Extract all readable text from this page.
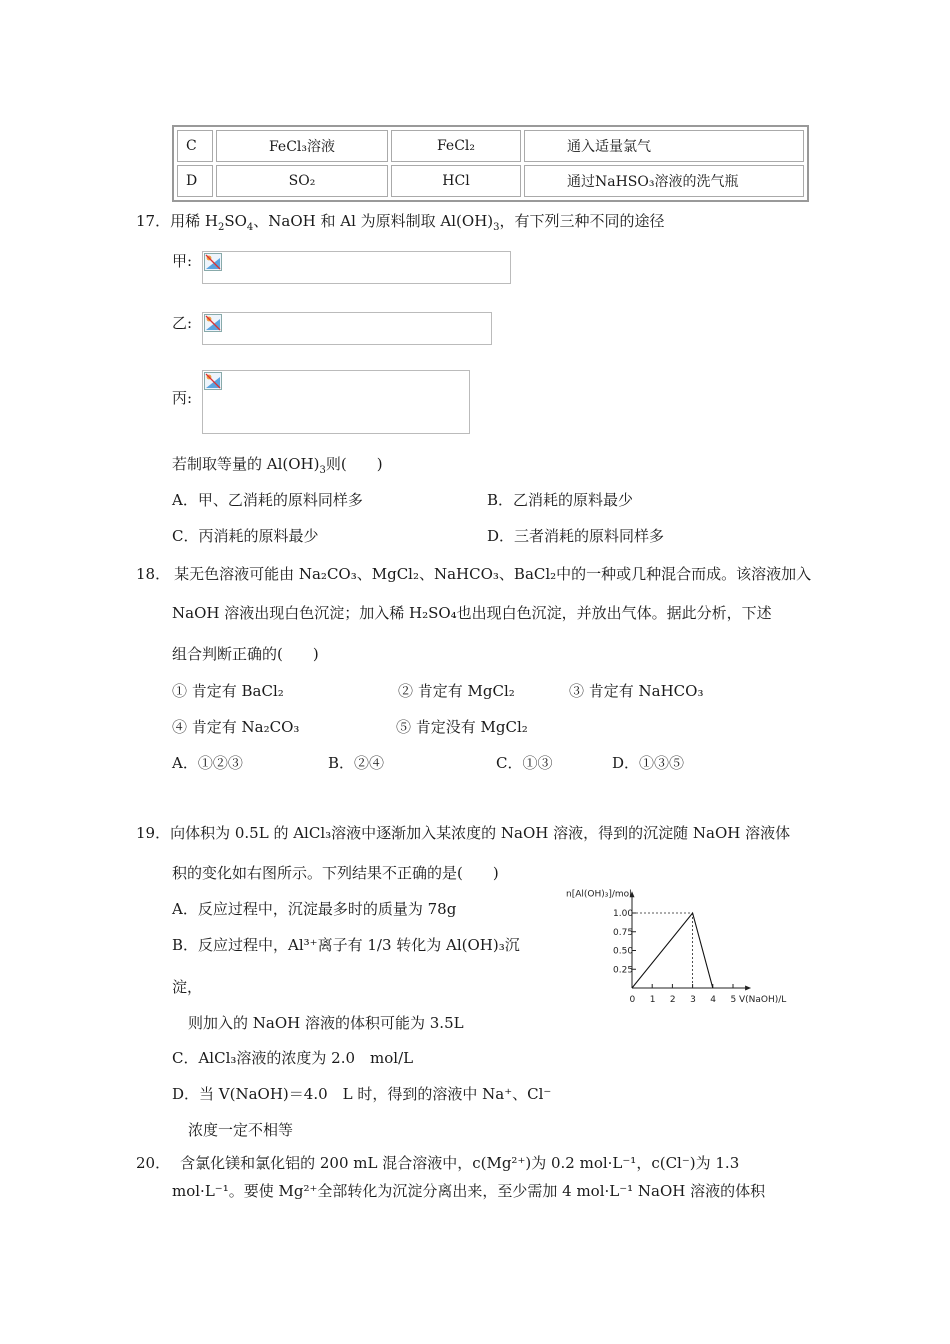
C	FeCl₃溶液	FeCl₂	通入适量氯气
D	SO₂	HCl	通过NaHSO₃溶液的洗气瓶
17．用稀 $H_2SO_4$、NaOH 和 Al 为原料制取 $Al(OH)_3$，有下列三种不同的途径
甲:
乙:
丙:
若制取等量的 $Al(OH)_3$则(　　)
A．甲、乙消耗的原料同样多	B．乙消耗的原料最少
C．丙消耗的原料最少	D．三者消耗的原料同样多
18． 某无色溶液可能由 Na₂CO₃、MgCl₂、NaHCO₃、BaCl₂中的一种或几种混合而成。该溶液加入
NaOH 溶液出现白色沉淀；加入稀 H₂SO₄也出现白色沉淀，并放出气体。据此分析，下述
组合判断正确的(　　)
① 肯定有 BaCl₂	② 肯定有 MgCl₂	③ 肯定有 NaHCO₃
④ 肯定有 Na₂CO₃	⑤ 肯定没有 MgCl₂
A．①②③	B．②④	C．①③	D．①③⑤
19．向体积为 0.5L 的 AlCl₃溶液中逐渐加入某浓度的 NaOH 溶液，得到的沉淀随 NaOH 溶液体
积的变化如右图所示。下列结果不正确的是(　　)
A．反应过程中，沉淀最多时的质量为 78g
B．反应过程中，Al³⁺离子有 1/3 转化为 Al(OH)₃沉
淀，
则加入的 NaOH 溶液的体积可能为 3.5L
C．AlCl₃溶液的浓度为 2.0　mol/L
D．当 V(NaOH)＝4.0　L 时，得到的溶液中 Na⁺、Cl⁻
浓度一定不相等
n[Al(OH)₃]/mol
V(NaOH)/L
0 1 2 3 4 5
0.25
0.50
0.75
1.00
20． 含氯化镁和氯化铝的 200 mL 混合溶液中，c(Mg²⁺)为 0.2 mol·L⁻¹，c(Cl⁻)为 1.3
mol·L⁻¹。要使 Mg²⁺全部转化为沉淀分离出来，至少需加 4 mol·L⁻¹ NaOH 溶液的体积
